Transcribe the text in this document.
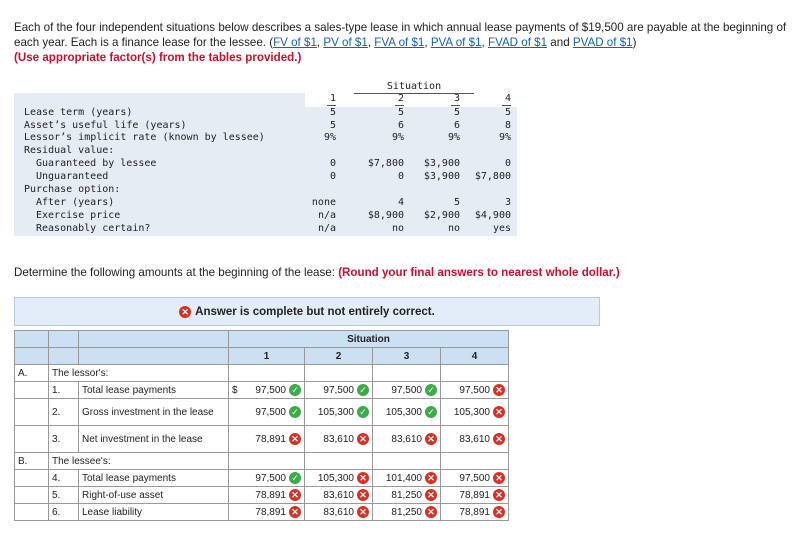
Each of the four independent situations below describes a sales-type lease in which annual lease payments of $19,500 are payable at the beginning of each year. Each is a finance lease for the lessee. (FV of $1, PV of $1, FVA of $1, PVA of $1, FVAD of $1 and PVAD of $1)
(Use appropriate factor(s) from the tables provided.)
Situation
1	2	3	4
Lease term (years)	5	5	5	5
Asset’s useful life (years)	5	6	6	8
Lessor’s implicit rate (known by lessee)	9%	9%	9%	9%
Residual value:
Guaranteed by lessee	0	$7,800	$3,900	0
Unguaranteed	0	0	$3,900	$7,800
Purchase option:
After (years)	none	4	5	3
Exercise price	n/a	$8,900	$2,900	$4,900
Reasonably certain?	n/a	no	no	yes
Determine the following amounts at the beginning of the lease: (Round your final answers to nearest whole dollar.)
✕ Answer is complete but not entirely correct.
			Situation			
			1	2	3	4
A.	The lessor's:					
	1.	Total lease payments	$ 97,500 ✓	97,500 ✓	97,500 ✓	97,500 ✕

	2.	Gross investment in the lease	97,500 ✓	105,300 ✓	105,300 ✓	105,300 ✕

	3.	Net investment in the lease	78,891 ✕	83,610 ✕	83,610 ✕	83,610 ✕

B.	The lessee's:					
	4.	Total lease payments	97,500 ✓	105,300 ✕	101,400 ✕	97,500 ✕

	5.	Right-of-use asset	78,891 ✕	83,610 ✕	81,250 ✕	78,891 ✕

	6.	Lease liability	78,891 ✕	83,610 ✕	81,250 ✕	78,891 ✕
